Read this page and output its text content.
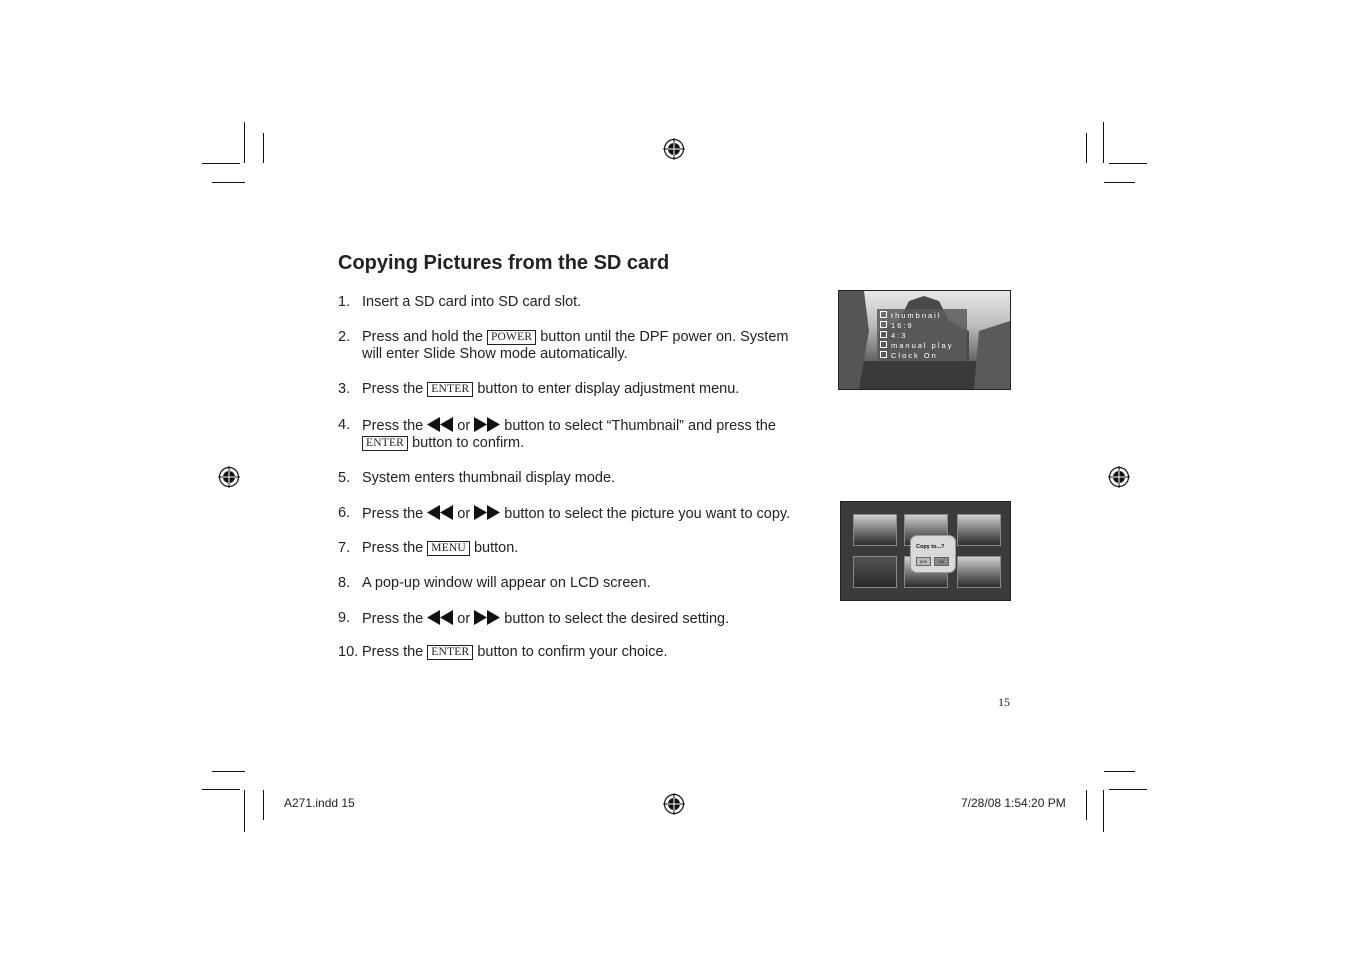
Copying Pictures from the SD card
1. Insert a SD card into SD card slot.
2. Press and hold the POWER button until the DPF power on. System will enter Slide Show mode automatically.
3. Press the ENTER button to enter display adjustment menu.
4. Press the  or  button to select “Thumbnail” and press the ENTER button to confirm.
5. System enters thumbnail display mode.
6. Press the  or  button to select the picture you want to copy.
7. Press the MENU button.
8. A pop-up window will appear on LCD screen.
9. Press the  or  button to select the desired setting.
10. Press the ENTER button to confirm your choice.
thumbnail
16:9
4:3
manual play
Clock On
Copy to...?
yes	no
15
A271.indd 15	7/28/08 1:54:20 PM
